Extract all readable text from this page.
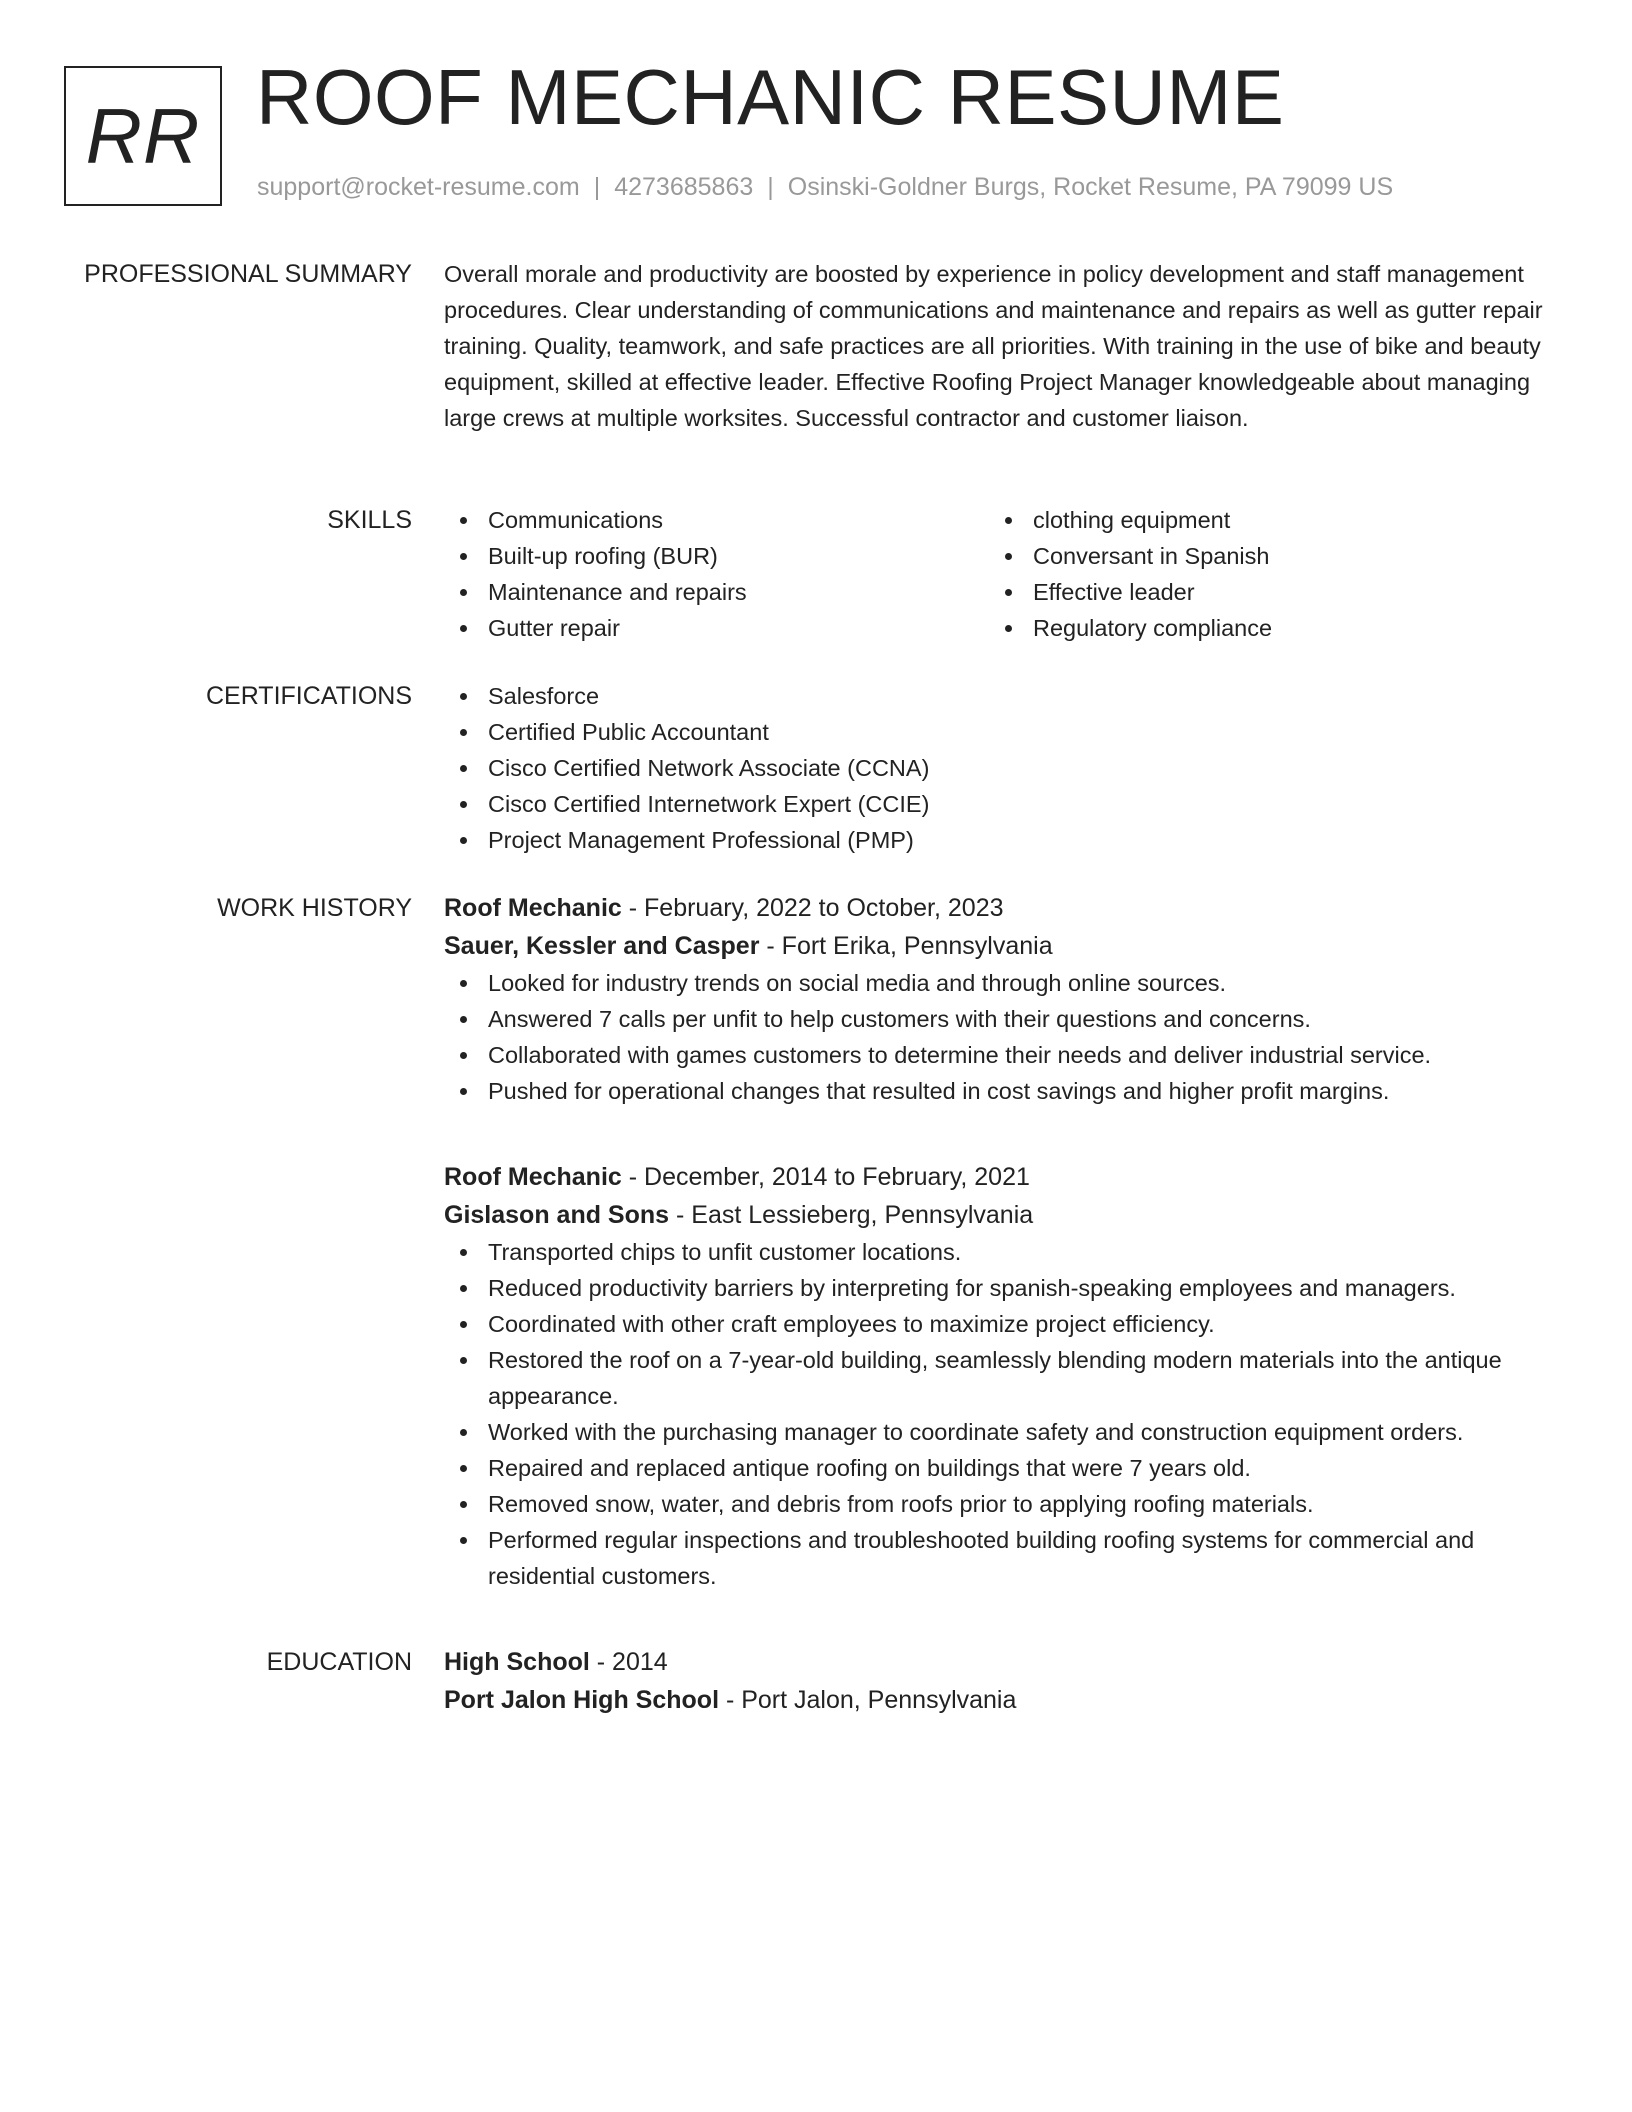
RR ROOF MECHANIC RESUME
support@rocket-resume.com | 4273685863 | Osinski-Goldner Burgs, Rocket Resume, PA 79099 US
PROFESSIONAL SUMMARY Overall morale and productivity are boosted by experience in policy development and staff management procedures. Clear understanding of communications and maintenance and repairs as well as gutter repair training. Quality, teamwork, and safe practices are all priorities. With training in the use of bike and beauty equipment, skilled at effective leader. Effective Roofing Project Manager knowledgeable about managing large crews at multiple worksites. Successful contractor and customer liaison.

SKILLS	Communications
Built-up roofing (BUR)
Maintenance and repairs
Gutter repair
clothing equipment
Conversant in Spanish
Effective leader
Regulatory compliance
CERTIFICATIONS	Salesforce
Certified Public Accountant
Cisco Certified Network Associate (CCNA)
Cisco Certified Internetwork Expert (CCIE)
Project Management Professional (PMP)
WORK HISTORY Roof Mechanic - February, 2022 to October, 2023
Sauer, Kessler and Casper - Fort Erika, Pennsylvania
Looked for industry trends on social media and through online sources.
Answered 7 calls per unfit to help customers with their questions and concerns.
Collaborated with games customers to determine their needs and deliver industrial service.
Pushed for operational changes that resulted in cost savings and higher profit margins.
Roof Mechanic - December, 2014 to February, 2021
Gislason and Sons - East Lessieberg, Pennsylvania
Transported chips to unfit customer locations.
Reduced productivity barriers by interpreting for spanish-speaking employees and managers.
Coordinated with other craft employees to maximize project efficiency.
Restored the roof on a 7-year-old building, seamlessly blending modern materials into the antique appearance.
Worked with the purchasing manager to coordinate safety and construction equipment orders.
Repaired and replaced antique roofing on buildings that were 7 years old.
Removed snow, water, and debris from roofs prior to applying roofing materials.
Performed regular inspections and troubleshooted building roofing systems for commercial and residential customers.
EDUCATION High School - 2014
Port Jalon High School - Port Jalon, Pennsylvania
